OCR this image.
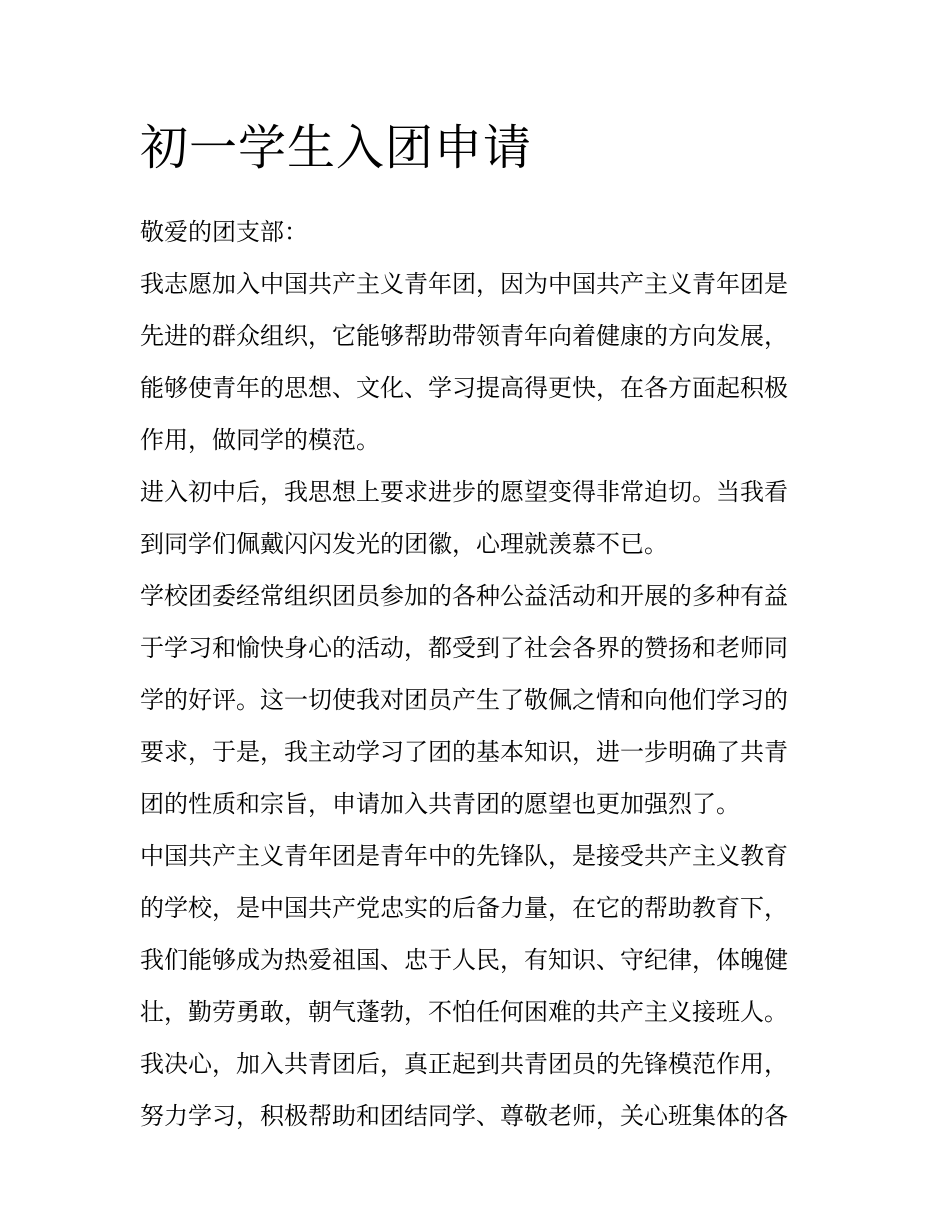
初一学生入团申请

敬爱的团支部：

我志愿加入中国共产主义青年团，因为中国共产主义青年团是
先进的群众组织，它能够帮助带领青年向着健康的方向发展，
能够使青年的思想、文化、学习提高得更快，在各方面起积极
作用，做同学的模范。

进入初中后，我思想上要求进步的愿望变得非常迫切。当我看
到同学们佩戴闪闪发光的团徽，心理就羡慕不已。

学校团委经常组织团员参加的各种公益活动和开展的多种有益
于学习和愉快身心的活动，都受到了社会各界的赞扬和老师同
学的好评。这一切使我对团员产生了敬佩之情和向他们学习的
要求，于是，我主动学习了团的基本知识，进一步明确了共青
团的性质和宗旨，申请加入共青团的愿望也更加强烈了。

中国共产主义青年团是青年中的先锋队，是接受共产主义教育
的学校，是中国共产党忠实的后备力量，在它的帮助教育下，
我们能够成为热爱祖国、忠于人民，有知识、守纪律，体魄健
壮，勤劳勇敢，朝气蓬勃，不怕任何困难的共产主义接班人。

我决心，加入共青团后，真正起到共青团员的先锋模范作用，
努力学习，积极帮助和团结同学、尊敬老师，关心班集体的各
